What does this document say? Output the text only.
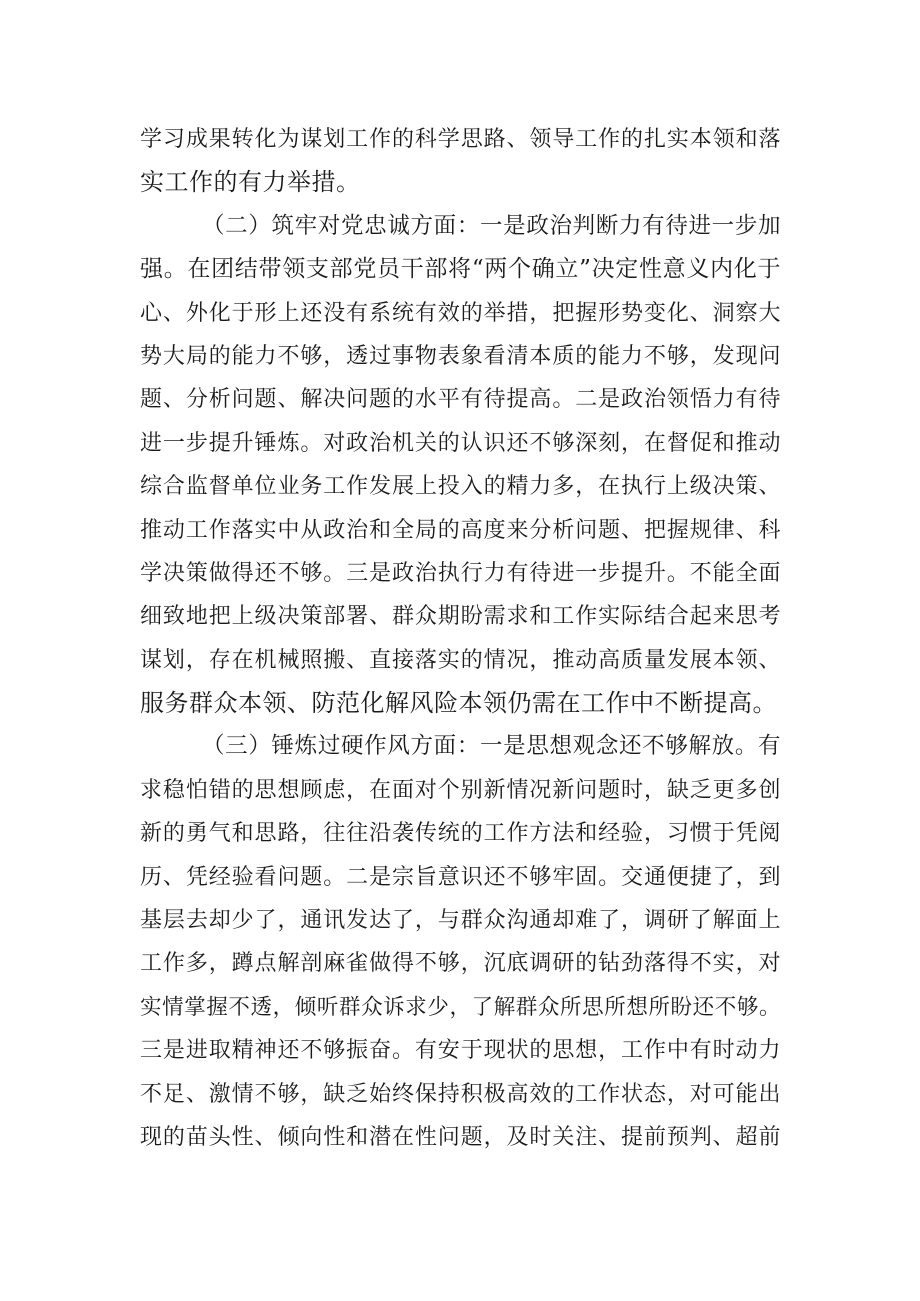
学习成果转化为谋划工作的科学思路、领导工作的扎实本领和落
实工作的有力举措。
（二）筑牢对党忠诚方面：一是政治判断力有待进一步加
强。在团结带领支部党员干部将“两个确立”决定性意义内化于
心、外化于形上还没有系统有效的举措，把握形势变化、洞察大
势大局的能力不够，透过事物表象看清本质的能力不够，发现问
题、分析问题、解决问题的水平有待提高。二是政治领悟力有待
进一步提升锤炼。对政治机关的认识还不够深刻，在督促和推动
综合监督单位业务工作发展上投入的精力多，在执行上级决策、
推动工作落实中从政治和全局的高度来分析问题、把握规律、科
学决策做得还不够。三是政治执行力有待进一步提升。不能全面
细致地把上级决策部署、群众期盼需求和工作实际结合起来思考
谋划，存在机械照搬、直接落实的情况，推动高质量发展本领、
服务群众本领、防范化解风险本领仍需在工作中不断提高。
（三）锤炼过硬作风方面：一是思想观念还不够解放。有
求稳怕错的思想顾虑，在面对个别新情况新问题时，缺乏更多创
新的勇气和思路，往往沿袭传统的工作方法和经验，习惯于凭阅
历、凭经验看问题。二是宗旨意识还不够牢固。交通便捷了，到
基层去却少了，通讯发达了，与群众沟通却难了，调研了解面上
工作多，蹲点解剖麻雀做得不够，沉底调研的钻劲落得不实，对
实情掌握不透，倾听群众诉求少，了解群众所思所想所盼还不够。
三是进取精神还不够振奋。有安于现状的思想，工作中有时动力
不足、激情不够，缺乏始终保持积极高效的工作状态，对可能出
现的苗头性、倾向性和潜在性问题，及时关注、提前预判、超前
